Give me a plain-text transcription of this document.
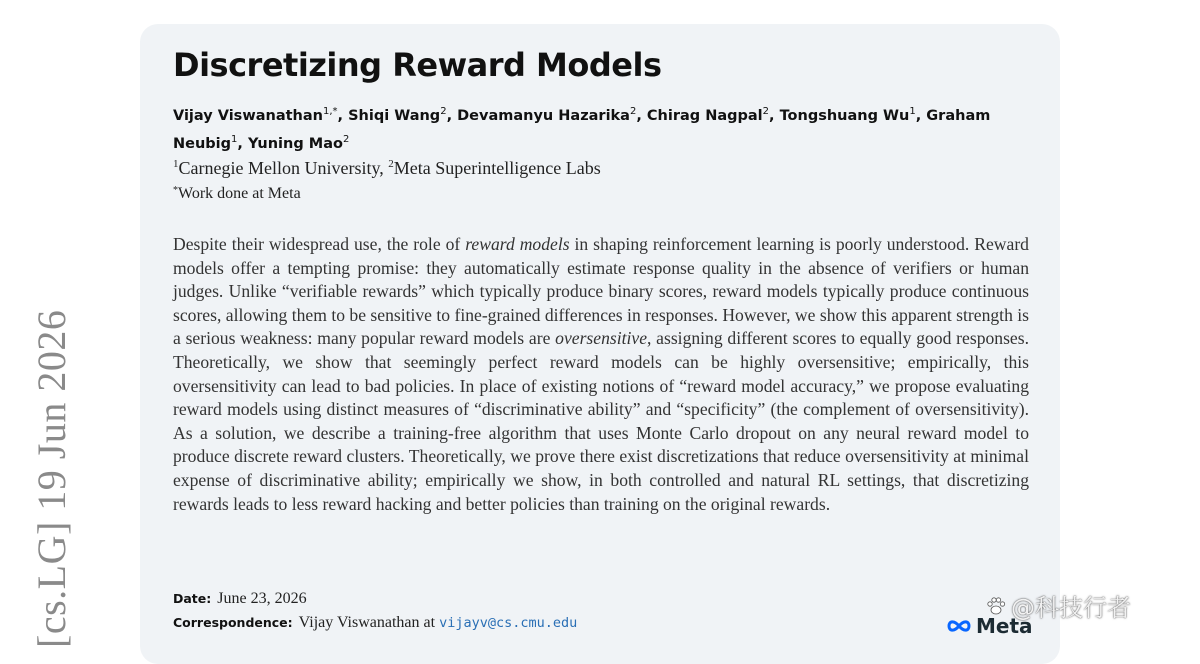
[cs.LG] 19 Jun 2026
Discretizing Reward Models
Vijay Viswanathan$^{1,*}$, Shiqi Wang$^2$, Devamanyu Hazarika$^2$, Chirag Nagpal$^2$, Tongshuang Wu$^1$, Graham Neubig$^1$, Yuning Mao$^2$
$^1$Carnegie Mellon University, $^2$Meta Superintelligence Labs
*Work done at Meta

Despite their widespread use, the role of reward models in shaping reinforcement learning is poorly understood. Reward models offer a tempting promise: they automatically estimate response quality in the absence of verifiers or human judges. Unlike “verifiable rewards” which typically produce binary scores, reward models typically produce continuous scores, allowing them to be sensitive to fine-grained differences in responses. However, we show this apparent strength is a serious weakness: many popular reward models are oversensitive, assigning different scores to equally good responses. Theoretically, we show that seemingly perfect reward models can be highly oversensitive; empirically, this oversensitivity can lead to bad policies. In place of existing notions of “reward model accuracy,” we propose evaluating reward models using distinct measures of “discriminative ability” and “specificity” (the complement of oversensitivity). As a solution, we describe a training-free algorithm that uses Monte Carlo dropout on any neural reward model to produce discrete reward clusters. Theoretically, we prove there exist discretizations that reduce oversensitivity at minimal expense of discriminative ability; empirically we show, in both controlled and natural RL settings, that discretizing rewards leads to less reward hacking and better policies than training on the original rewards.

Date: June 23, 2026
Correspondence: Vijay Viswanathan at vijayv@cs.cmu.edu	Meta
@科技行者
